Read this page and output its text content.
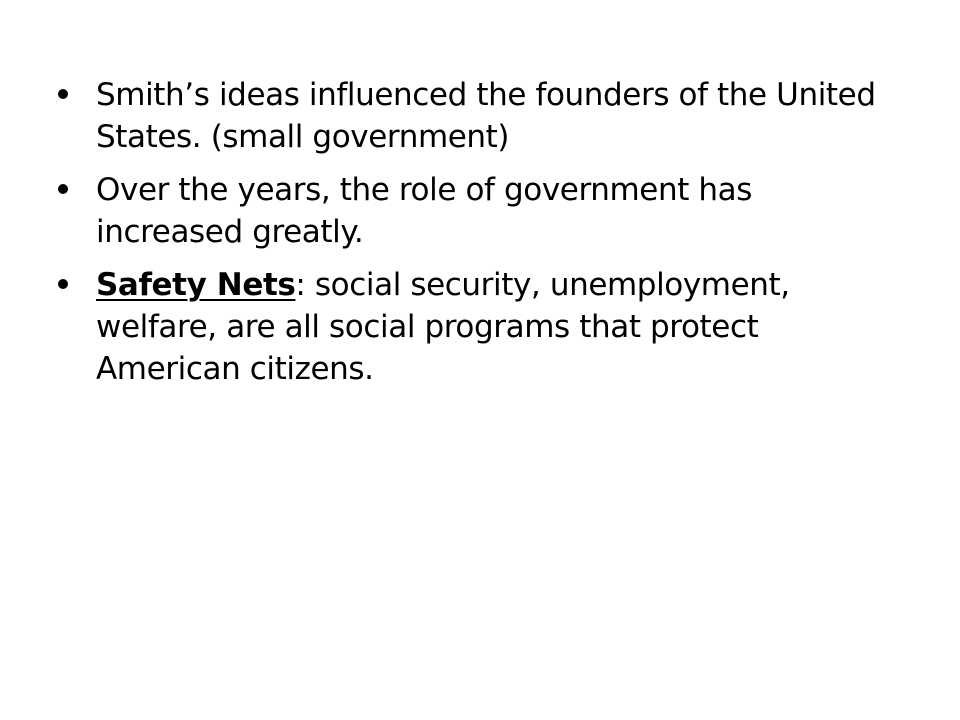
Smith’s ideas influenced the founders of the United States. (small government)
Over the years, the role of government has increased greatly.
Safety Nets: social security, unemployment, welfare, are all social programs that protect American citizens.
